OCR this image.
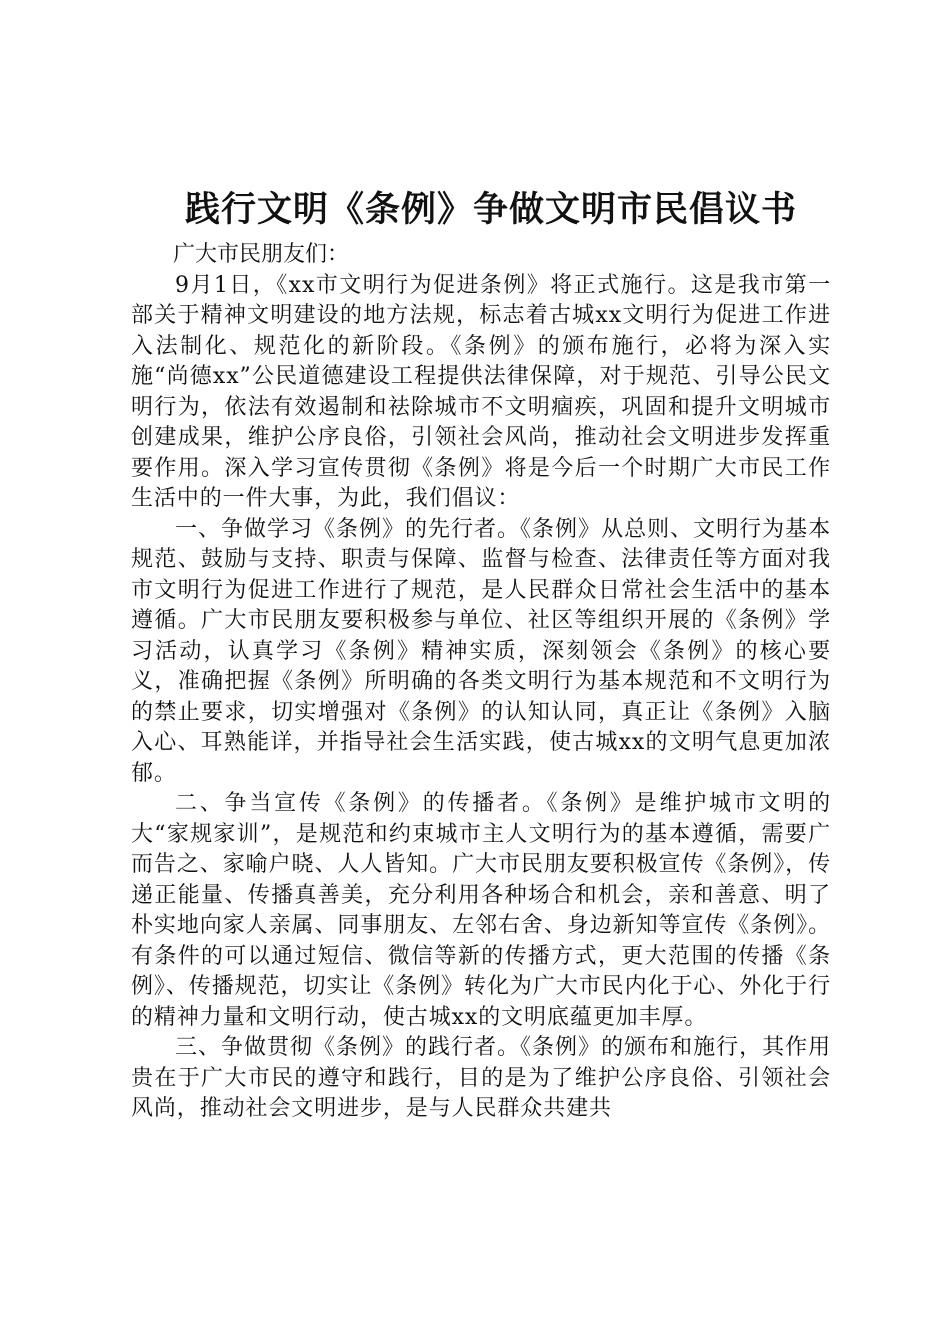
践行文明《条例》争做文明市民倡议书

广大市民朋友们：

9月1日，《xx市文明行为促进条例》将正式施行。这是我市第一部关于精神文明建设的地方法规，标志着古城xx文明行为促进工作进入法制化、规范化的新阶段。《条例》的颁布施行，必将为深入实施“尚德xx”公民道德建设工程提供法律保障，对于规范、引导公民文明行为，依法有效遏制和祛除城市不文明痼疾，巩固和提升文明城市创建成果，维护公序良俗，引领社会风尚，推动社会文明进步发挥重要作用。深入学习宣传贯彻《条例》将是今后一个时期广大市民工作生活中的一件大事，为此，我们倡议：

一、争做学习《条例》的先行者。《条例》从总则、文明行为基本规范、鼓励与支持、职责与保障、监督与检查、法律责任等方面对我市文明行为促进工作进行了规范，是人民群众日常社会生活中的基本遵循。广大市民朋友要积极参与单位、社区等组织开展的《条例》学习活动，认真学习《条例》精神实质，深刻领会《条例》的核心要义，准确把握《条例》所明确的各类文明行为基本规范和不文明行为的禁止要求，切实增强对《条例》的认知认同，真正让《条例》入脑入心、耳熟能详，并指导社会生活实践，使古城xx的文明气息更加浓郁。

二、争当宣传《条例》的传播者。《条例》是维护城市文明的大“家规家训”，是规范和约束城市主人文明行为的基本遵循，需要广而告之、家喻户晓、人人皆知。广大市民朋友要积极宣传《条例》，传递正能量、传播真善美，充分利用各种场合和机会，亲和善意、明了朴实地向家人亲属、同事朋友、左邻右舍、身边新知等宣传《条例》。有条件的可以通过短信、微信等新的传播方式，更大范围的传播《条例》、传播规范，切实让《条例》转化为广大市民内化于心、外化于行的精神力量和文明行动，使古城xx的文明底蕴更加丰厚。

三、争做贯彻《条例》的践行者。《条例》的颁布和施行，其作用贵在于广大市民的遵守和践行，目的是为了维护公序良俗、引领社会风尚，推动社会文明进步，是与人民群众共建共
